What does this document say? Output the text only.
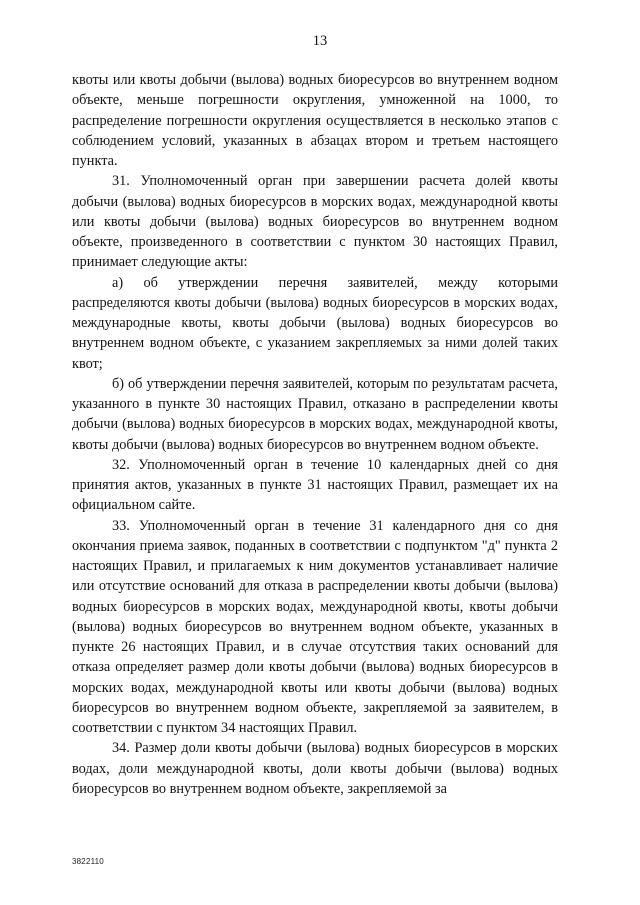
13

квоты или квоты добычи (вылова) водных биоресурсов во внутреннем водном объекте, меньше погрешности округления, умноженной на 1000, то распределение погрешности округления осуществляется в несколько этапов с соблюдением условий, указанных в абзацах втором и третьем настоящего пункта.

31. Уполномоченный орган при завершении расчета долей квоты добычи (вылова) водных биоресурсов в морских водах, международной квоты или квоты добычи (вылова) водных биоресурсов во внутреннем водном объекте, произведенного в соответствии с пунктом 30 настоящих Правил, принимает следующие акты:

а) об утверждении перечня заявителей, между которыми распределяются квоты добычи (вылова) водных биоресурсов в морских водах, международные квоты, квоты добычи (вылова) водных биоресурсов во внутреннем водном объекте, с указанием закрепляемых за ними долей таких квот;

б) об утверждении перечня заявителей, которым по результатам расчета, указанного в пункте 30 настоящих Правил, отказано в распределении квоты добычи (вылова) водных биоресурсов в морских водах, международной квоты, квоты добычи (вылова) водных биоресурсов во внутреннем водном объекте.

32. Уполномоченный орган в течение 10 календарных дней со дня принятия актов, указанных в пункте 31 настоящих Правил, размещает их на официальном сайте.

33. Уполномоченный орган в течение 31 календарного дня со дня окончания приема заявок, поданных в соответствии с подпунктом "д" пункта 2 настоящих Правил, и прилагаемых к ним документов устанавливает наличие или отсутствие оснований для отказа в распределении квоты добычи (вылова) водных биоресурсов в морских водах, международной квоты, квоты добычи (вылова) водных биоресурсов во внутреннем водном объекте, указанных в пункте 26 настоящих Правил, и в случае отсутствия таких оснований для отказа определяет размер доли квоты добычи (вылова) водных биоресурсов в морских водах, международной квоты или квоты добычи (вылова) водных биоресурсов во внутреннем водном объекте, закрепляемой за заявителем, в соответствии с пунктом 34 настоящих Правил.

34. Размер доли квоты добычи (вылова) водных биоресурсов в морских водах, доли международной квоты, доли квоты добычи (вылова) водных биоресурсов во внутреннем водном объекте, закрепляемой за

3822110
